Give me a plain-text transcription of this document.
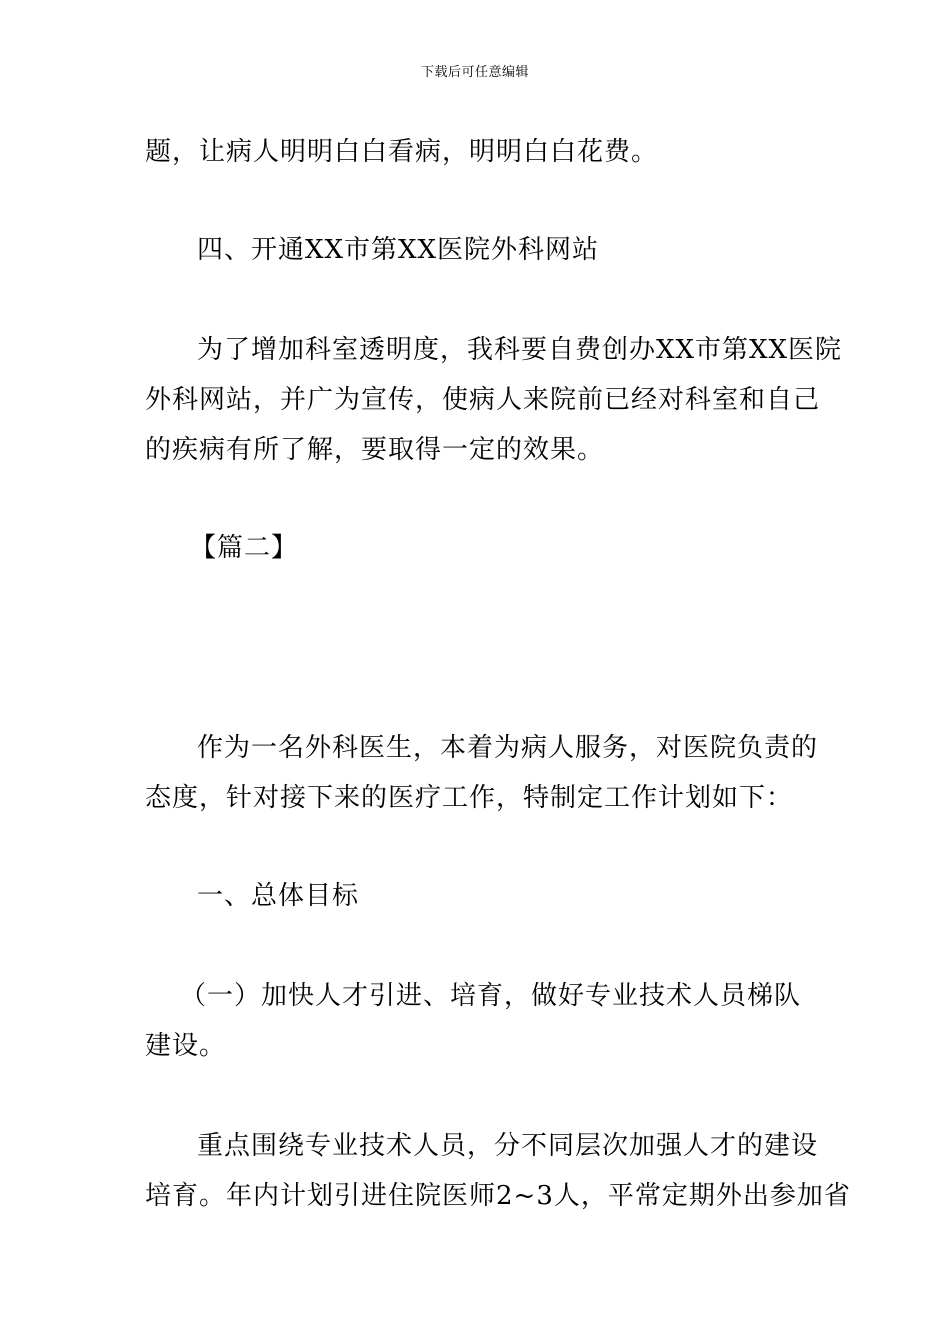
下载后可任意编辑
题，让病人明明白白看病，明明白白花费。
四、开通XX市第XX医院外科网站
为了增加科室透明度，我科要自费创办XX市第XX医院
外科网站，并广为宣传，使病人来院前已经对科室和自己
的疾病有所了解，要取得一定的效果。
【篇二】
作为一名外科医生，本着为病人服务，对医院负责的
态度，针对接下来的医疗工作，特制定工作计划如下：
一、总体目标
（一）加快人才引进、培育，做好专业技术人员梯队
建设。
重点围绕专业技术人员，分不同层次加强人才的建设
培育。年内计划引进住院医师2~3人，平常定期外出参加省
